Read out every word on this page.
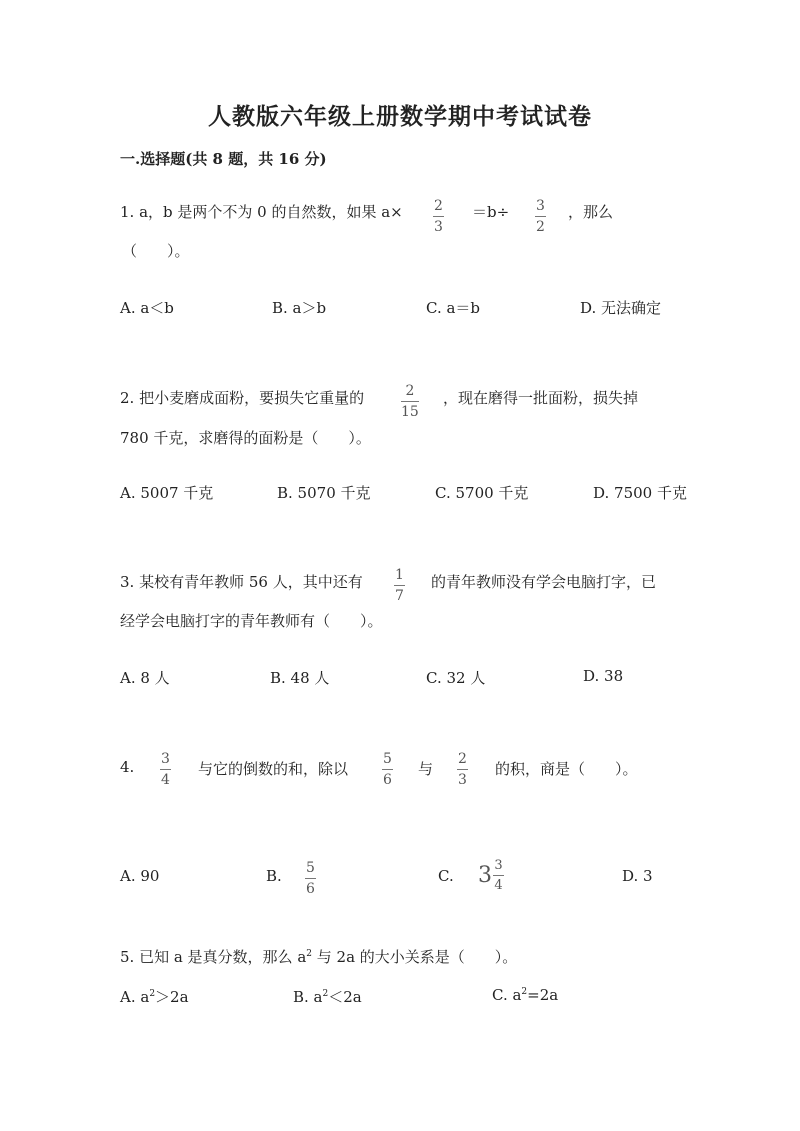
人教版六年级上册数学期中考试试卷
一.选择题(共 8 题，共 16 分)
1. a，b 是两个不为 0 的自然数，如果 a× 2
3
＝b÷ 3
2
，那么
（　　）。
A. a＜b	B. a＞b	C. a＝b	D. 无法确定
2. 把小麦磨成面粉，要损失它重量的	2
15
，现在磨得一批面粉，损失掉
780 千克，求磨得的面粉是（　　）。
A. 5007 千克	B. 5070 千克	C. 5700 千克	D. 7500 千克
3. 某校有青年教师 56 人，其中还有 1
7
的青年教师没有学会电脑打字，已
经学会电脑打字的青年教师有（　　）。
A. 8 人	B. 48 人	C. 32 人	D. 38
4. 3
4
与它的倒数的和，除以
5
6
与
2
3
的积，商是（　　）。
A. 90	B. 5
6
C. $3 \frac{3}{4}$	D. 3
5. 已知 a 是真分数，那么 $a^2$ 与 2a 的大小关系是（　　）。
A. $a^2>2a$	B. $a^2<2a$	C. $a^2=2a$
